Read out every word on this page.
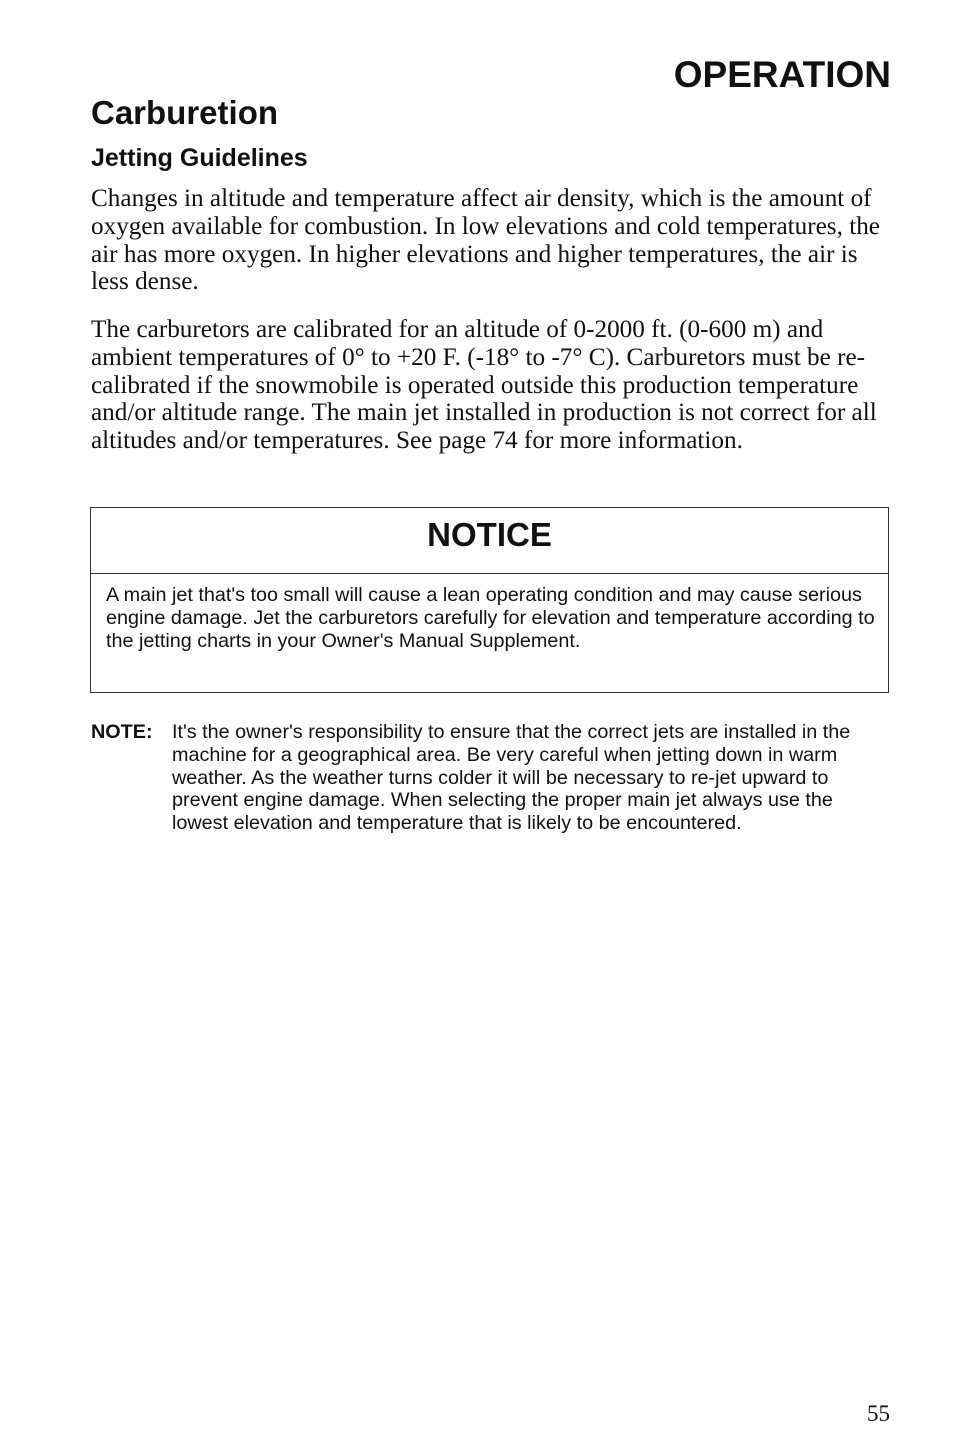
OPERATION
Carburetion
Jetting Guidelines

Changes in altitude and temperature affect air density, which is the amount of oxygen available for combustion. In low elevations and cold temperatures, the air has more oxygen. In higher elevations and higher temperatures, the air is less dense.

The carburetors are calibrated for an altitude of 0-2000 ft. (0-600 m) and ambient temperatures of 0° to +20 F. (-18° to -7° C). Carburetors must be re-calibrated if the snowmobile is operated outside this production temperature and/or altitude range. The main jet installed in production is not correct for all altitudes and/or temperatures. See page 74 for more information.

NOTICE

A main jet that's too small will cause a lean operating condition and may cause serious engine damage. Jet the carburetors carefully for elevation and temperature according to the jetting charts in your Owner's Manual Supplement.

NOTE: It's the owner's responsibility to ensure that the correct jets are installed in the machine for a geographical area. Be very careful when jetting down in warm weather. As the weather turns colder it will be necessary to re-jet upward to prevent engine damage. When selecting the proper main jet always use the lowest elevation and temperature that is likely to be encountered.

55
